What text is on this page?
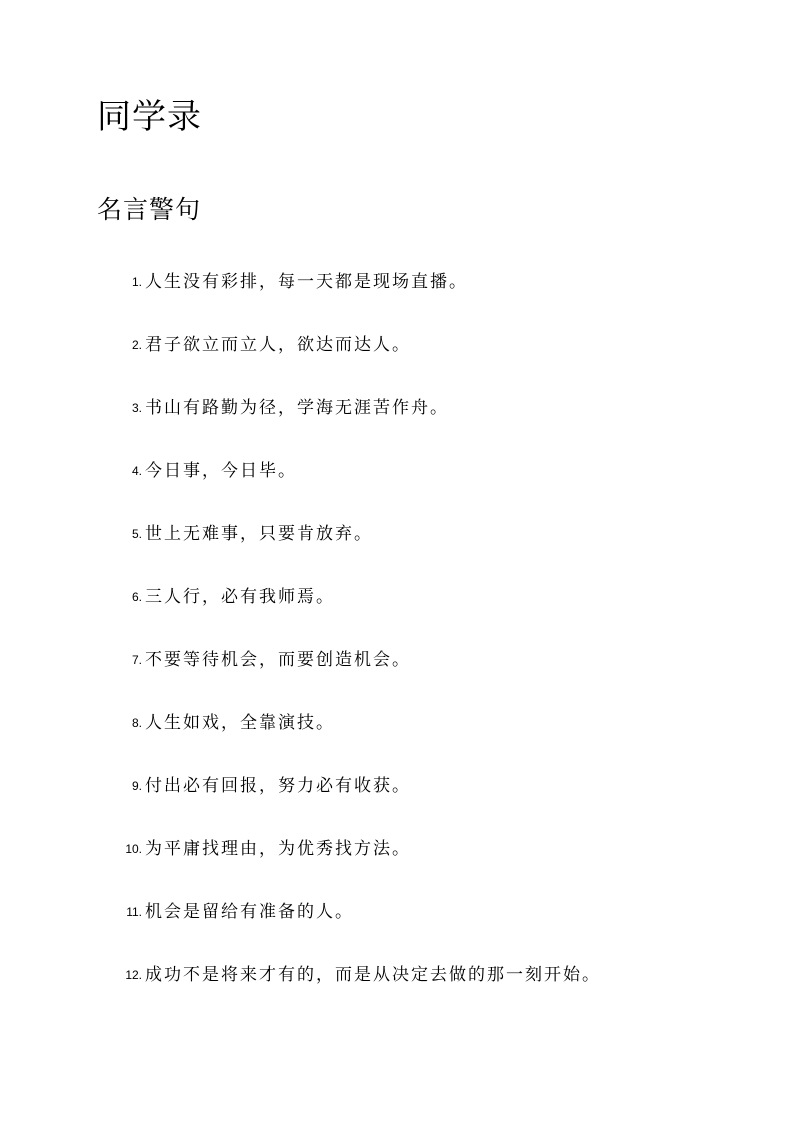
同学录
名言警句
1. 人生没有彩排，每一天都是现场直播。
2. 君子欲立而立人，欲达而达人。
3. 书山有路勤为径，学海无涯苦作舟。
4. 今日事，今日毕。
5. 世上无难事，只要肯放弃。
6. 三人行，必有我师焉。
7. 不要等待机会，而要创造机会。
8. 人生如戏，全靠演技。
9. 付出必有回报，努力必有收获。
10. 为平庸找理由，为优秀找方法。
11. 机会是留给有准备的人。
12. 成功不是将来才有的，而是从决定去做的那一刻开始。
